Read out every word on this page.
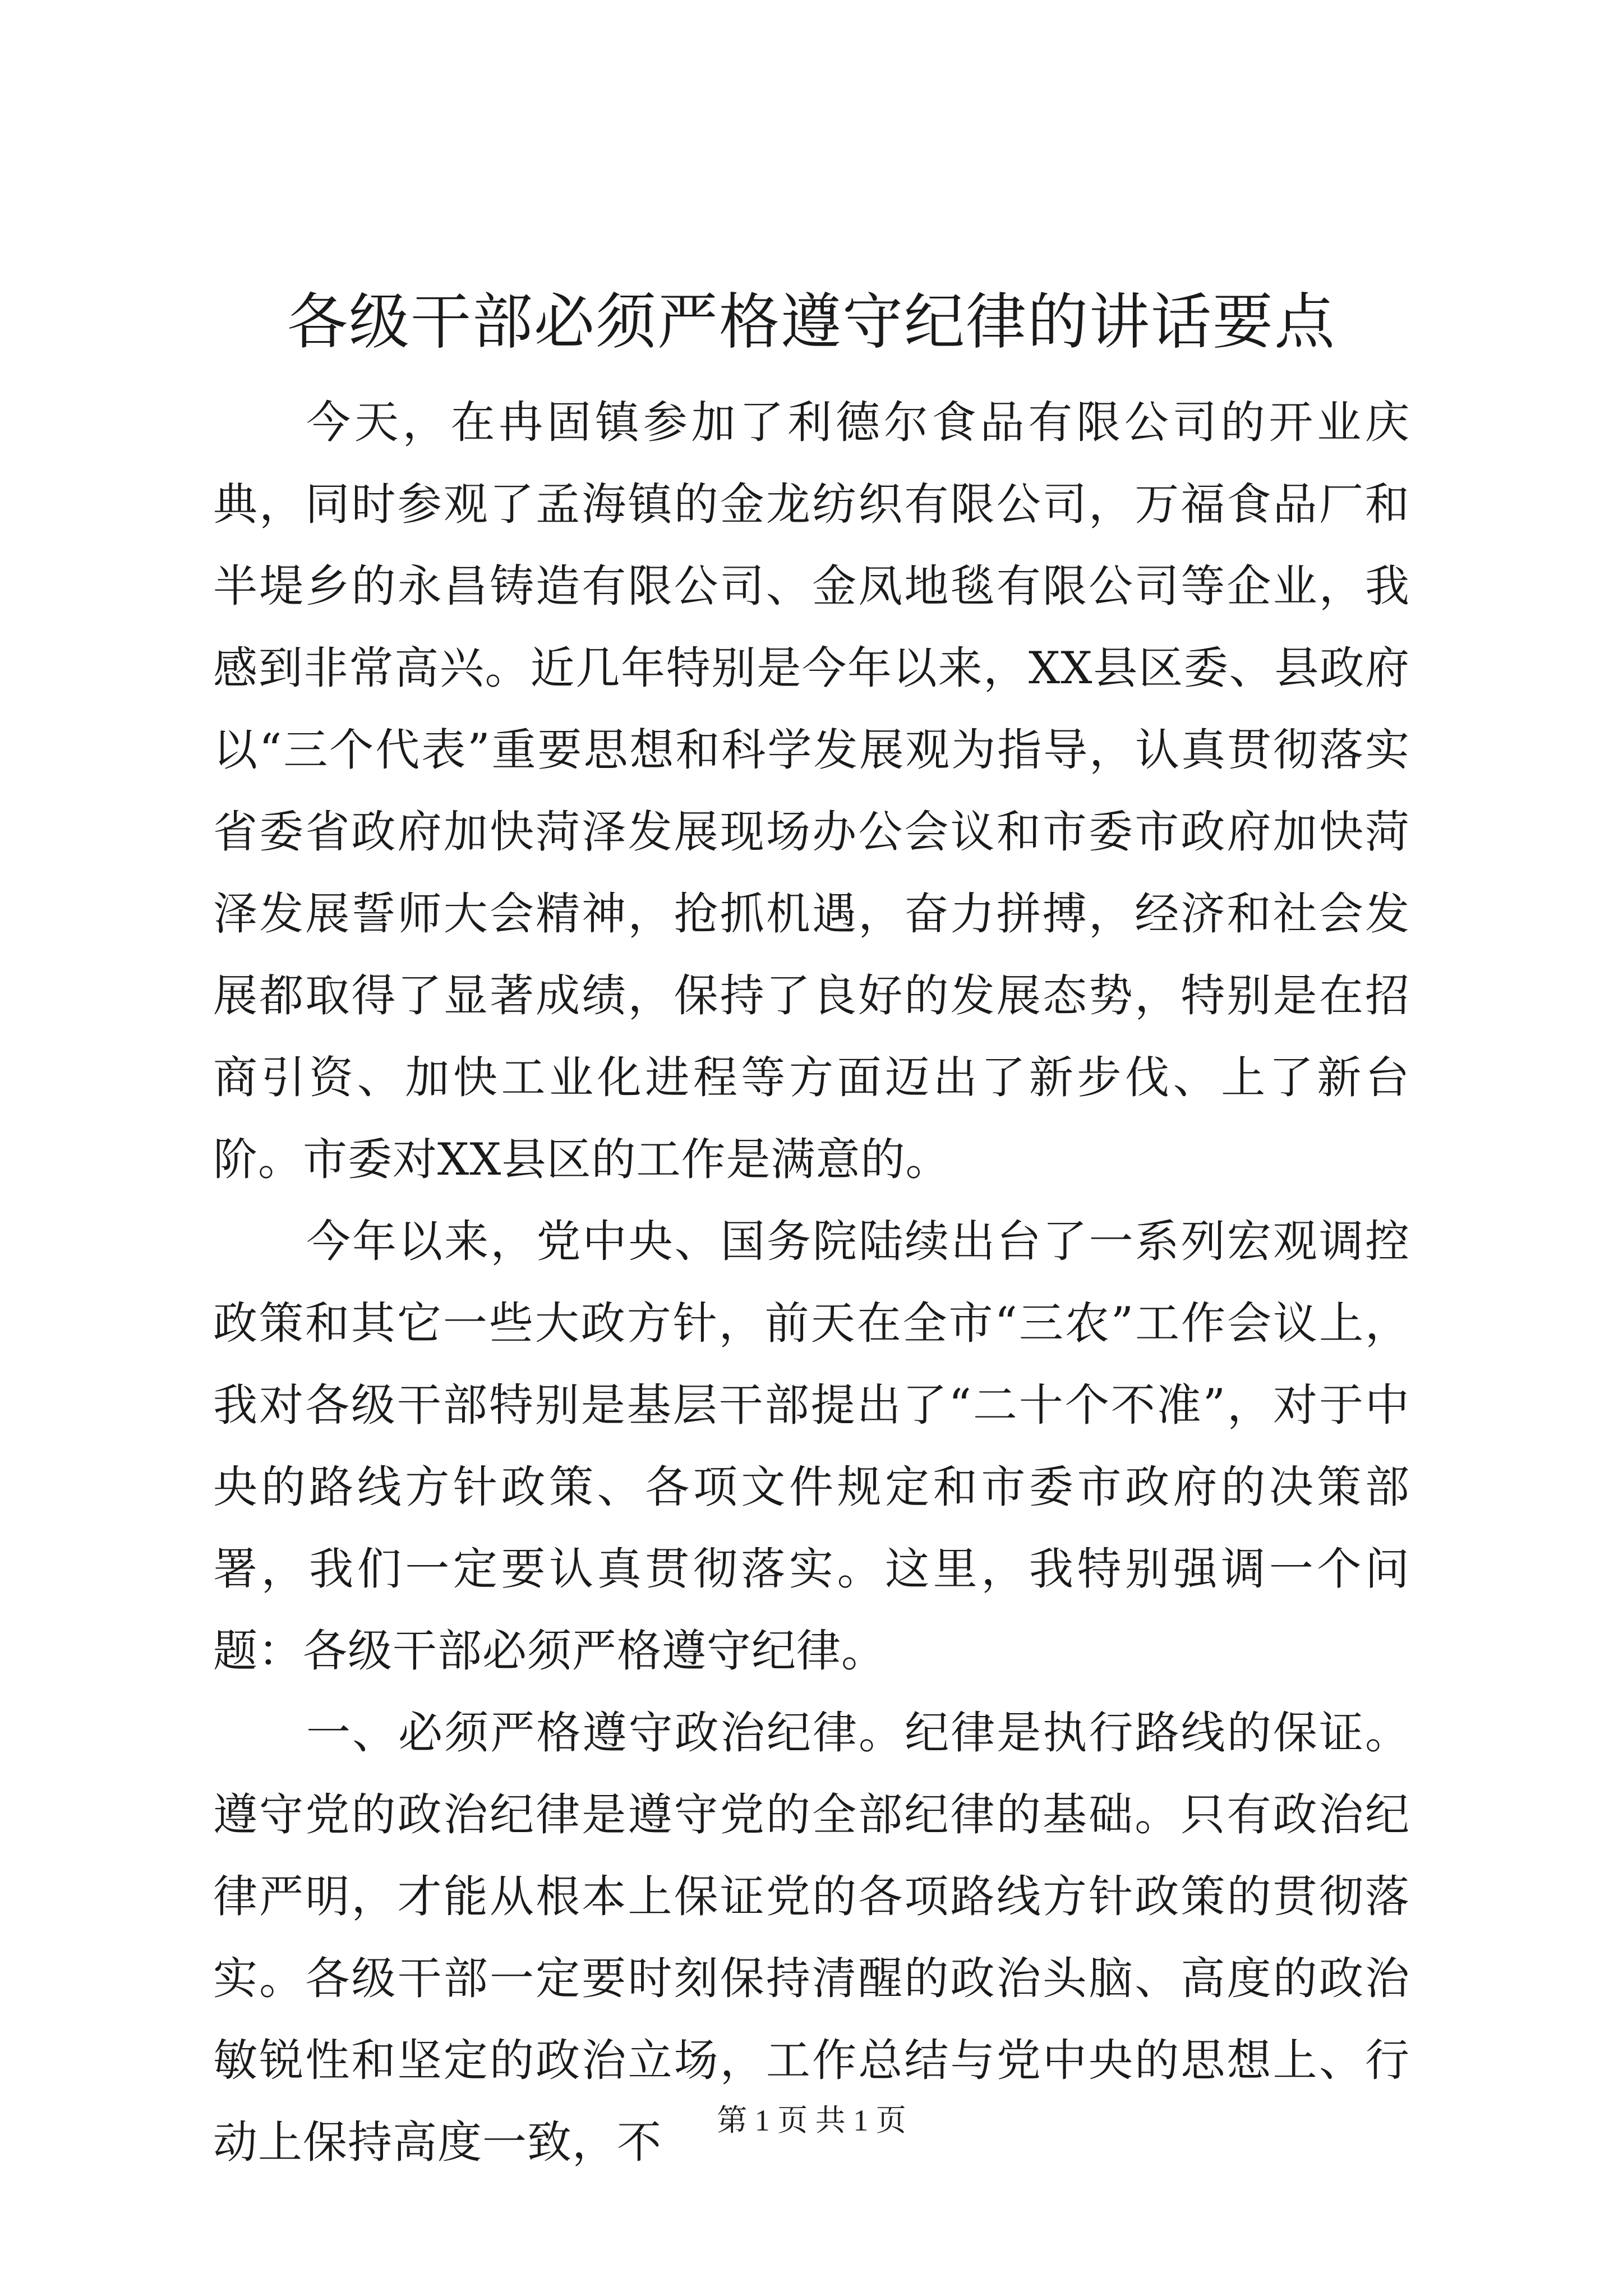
各级干部必须严格遵守纪律的讲话要点

今天，在冉固镇参加了利德尔食品有限公司的开业庆典，同时参观了孟海镇的金龙纺织有限公司，万福食品厂和半堤乡的永昌铸造有限公司、金凤地毯有限公司等企业，我感到非常高兴。近几年特别是今年以来，XX县区委、县政府以“三个代表”重要思想和科学发展观为指导，认真贯彻落实省委省政府加快菏泽发展现场办公会议和市委市政府加快菏泽发展誓师大会精神，抢抓机遇，奋力拼搏，经济和社会发展都取得了显著成绩，保持了良好的发展态势，特别是在招商引资、加快工业化进程等方面迈出了新步伐、上了新台阶。市委对XX县区的工作是满意的。

今年以来，党中央、国务院陆续出台了一系列宏观调控政策和其它一些大政方针，前天在全市“三农”工作会议上，我对各级干部特别是基层干部提出了“二十个不准”，对于中央的路线方针政策、各项文件规定和市委市政府的决策部署，我们一定要认真贯彻落实。这里，我特别强调一个问题：各级干部必须严格遵守纪律。

一、必须严格遵守政治纪律。纪律是执行路线的保证。遵守党的政治纪律是遵守党的全部纪律的基础。只有政治纪律严明，才能从根本上保证党的各项路线方针政策的贯彻落实。各级干部一定要时刻保持清醒的政治头脑、高度的政治敏锐性和坚定的政治立场，工作总结与党中央的思想上、行动上保持高度一致，不	第 1 页 共 1 页
